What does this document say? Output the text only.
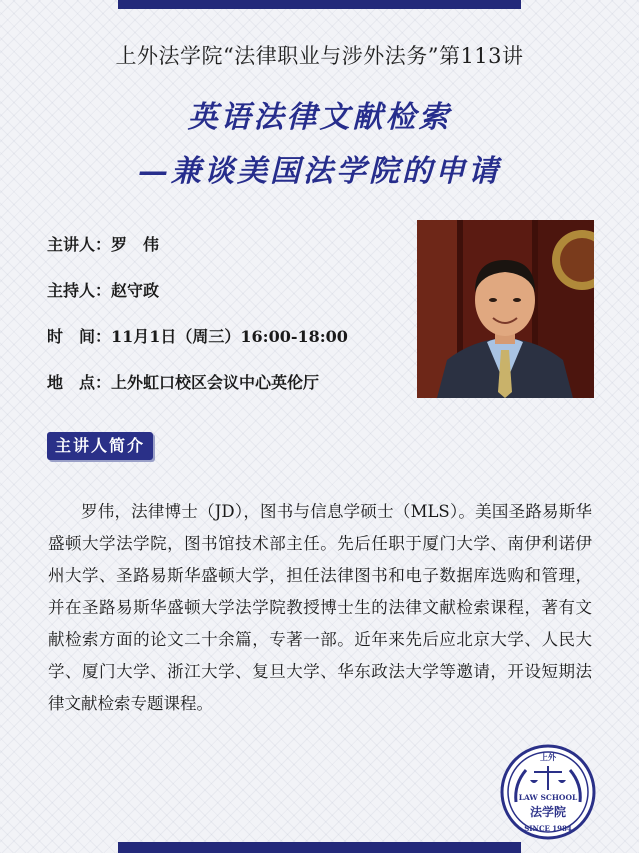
上外法学院“法律职业与涉外法务”第113讲
英语法律文献检索
—兼谈美国法学院的申请
主讲人：罗　伟
主持人：赵守政
时　间：11月1日（周三）16:00-18:00
地　点：上外虹口校区会议中心英伦厅
主讲人简介
罗伟，法律博士（JD），图书与信息学硕士（MLS）。美国圣路易斯华盛顿大学法学院，图书馆技术部主任。先后任职于厦门大学、南伊利诺伊州大学、圣路易斯华盛顿大学，担任法律图书和电子数据库选购和管理，并在圣路易斯华盛顿大学法学院教授博士生的法律文献检索课程，著有文献检索方面的论文二十余篇，专著一部。近年来先后应北京大学、人民大学、厦门大学、浙江大学、复旦大学、华东政法大学等邀请，开设短期法律文献检索专题课程。
上外
LAW SCHOOL
法学院
SINCE 1984
